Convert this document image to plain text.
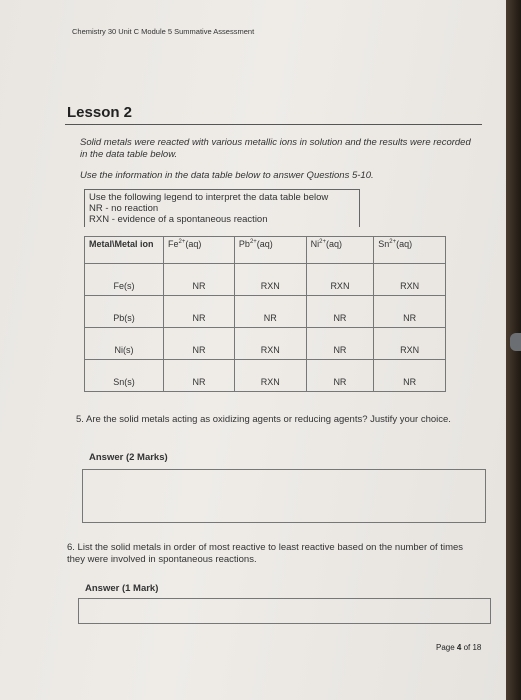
Chemistry 30 Unit C Module 5 Summative Assessment
Lesson 2
Solid metals were reacted with various metallic ions in solution and the results were recorded in the data table below.
Use the information in the data table below to answer Questions 5-10.
Use the following legend to interpret the data table below
NR - no reaction
RXN - evidence of a spontaneous reaction
Metal\Metal ion	$Fe^{2+}(aq)$	$Pb^{2+}(aq)$	$Ni^{2+}(aq)$	$Sn^{2+}(aq)$
Fe(s)	NR	RXN	RXN	RXN
Pb(s)	NR	NR	NR	NR
Ni(s)	NR	RXN	NR	RXN
Sn(s)	NR	RXN	NR	NR
5. Are the solid metals acting as oxidizing agents or reducing agents? Justify your choice.
Answer (2 Marks)
6. List the solid metals in order of most reactive to least reactive based on the number of times they were involved in spontaneous reactions.
Answer (1 Mark)
Page 4 of 18
